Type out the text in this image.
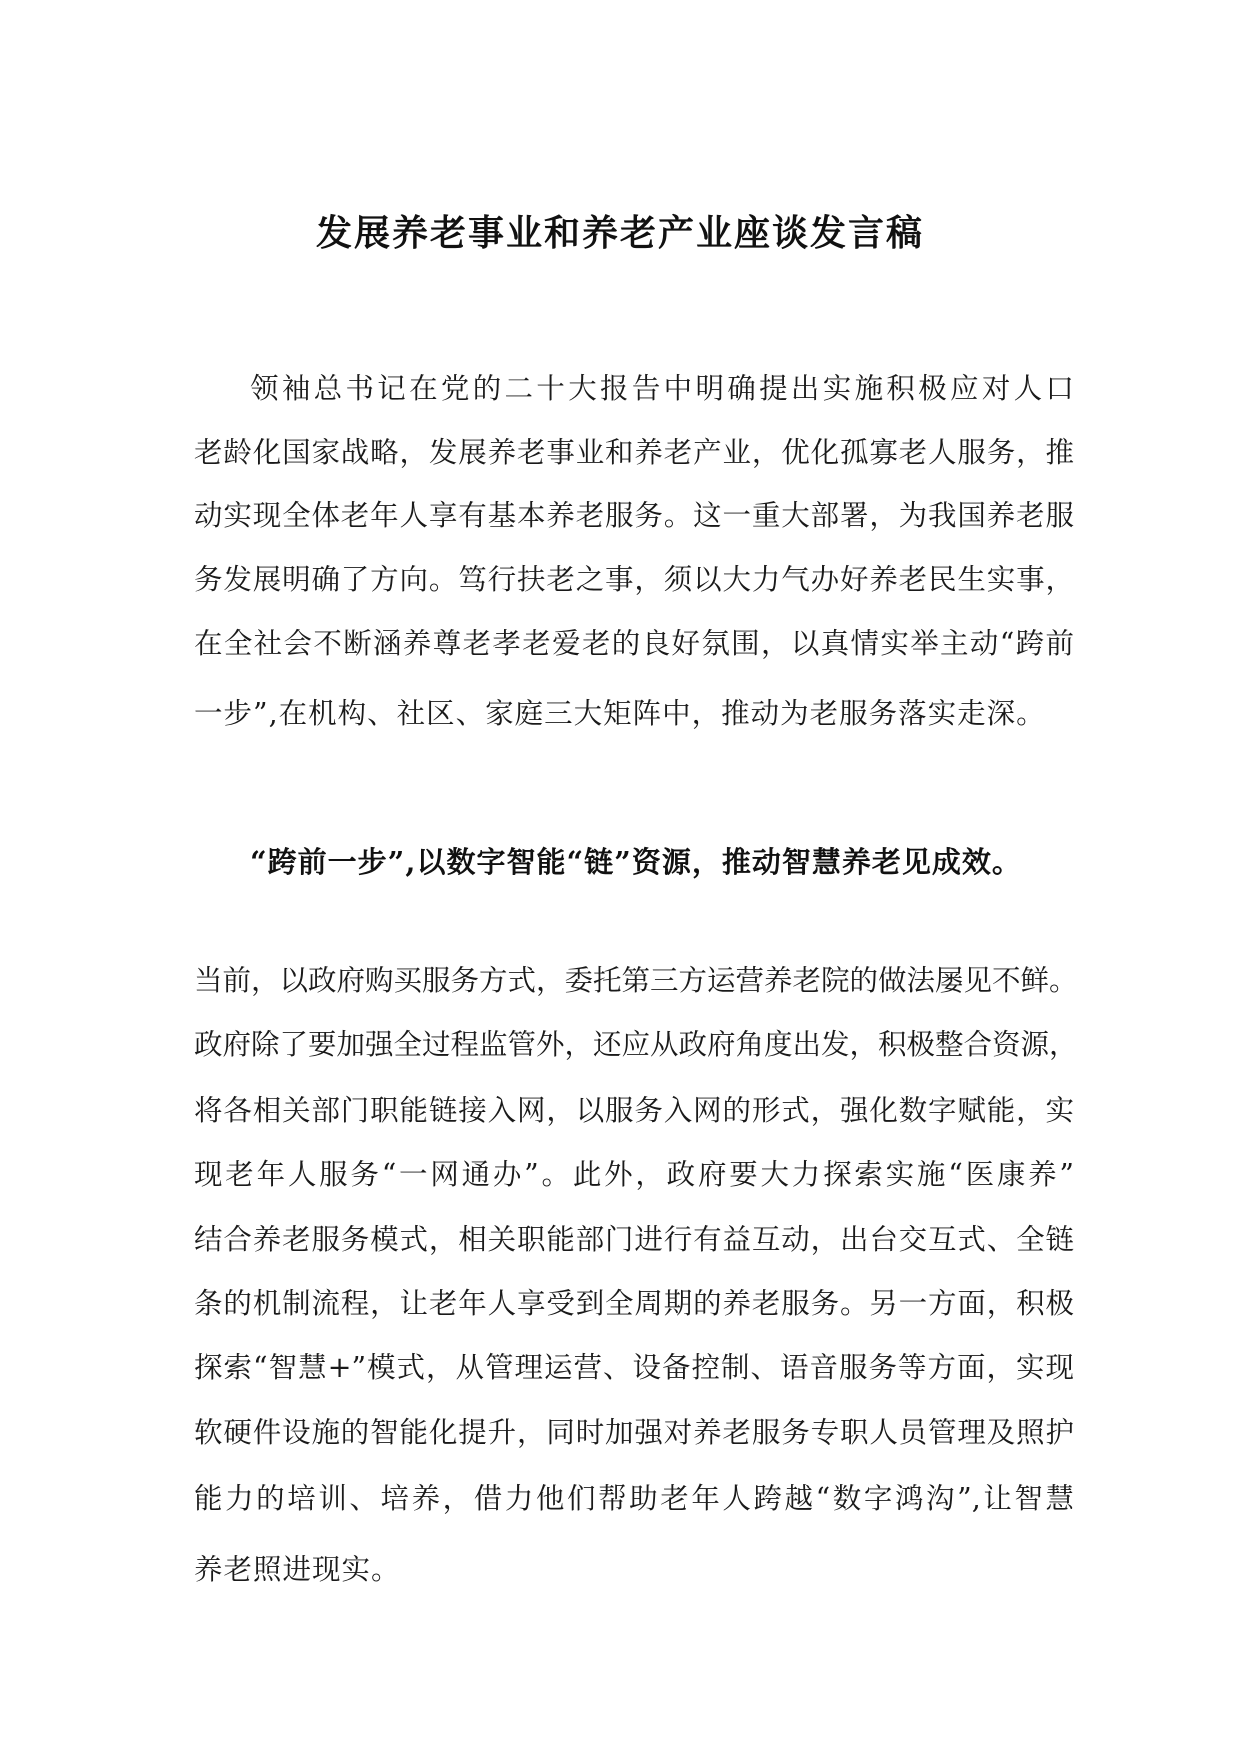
发展养老事业和养老产业座谈发言稿
领袖总书记在党的二十大报告中明确提出实施积极应对人口
老龄化国家战略，发展养老事业和养老产业，优化孤寡老人服务，推
动实现全体老年人享有基本养老服务。这一重大部署，为我国养老服
务发展明确了方向。笃行扶老之事，须以大力气办好养老民生实事，
在全社会不断涵养尊老孝老爱老的良好氛围，以真情实举主动“跨前
一步”,在机构、社区、家庭三大矩阵中，推动为老服务落实走深。
“跨前一步”,以数字智能“链”资源，推动智慧养老见成效。
当前，以政府购买服务方式，委托第三方运营养老院的做法屡见不鲜。
政府除了要加强全过程监管外，还应从政府角度出发，积极整合资源，
将各相关部门职能链接入网，以服务入网的形式，强化数字赋能，实
现老年人服务“一网通办”。此外，政府要大力探索实施“医康养”
结合养老服务模式，相关职能部门进行有益互动，出台交互式、全链
条的机制流程，让老年人享受到全周期的养老服务。另一方面，积极
探索“智慧+”模式，从管理运营、设备控制、语音服务等方面，实现
软硬件设施的智能化提升，同时加强对养老服务专职人员管理及照护
能力的培训、培养，借力他们帮助老年人跨越“数字鸿沟”,让智慧
养老照进现实。
